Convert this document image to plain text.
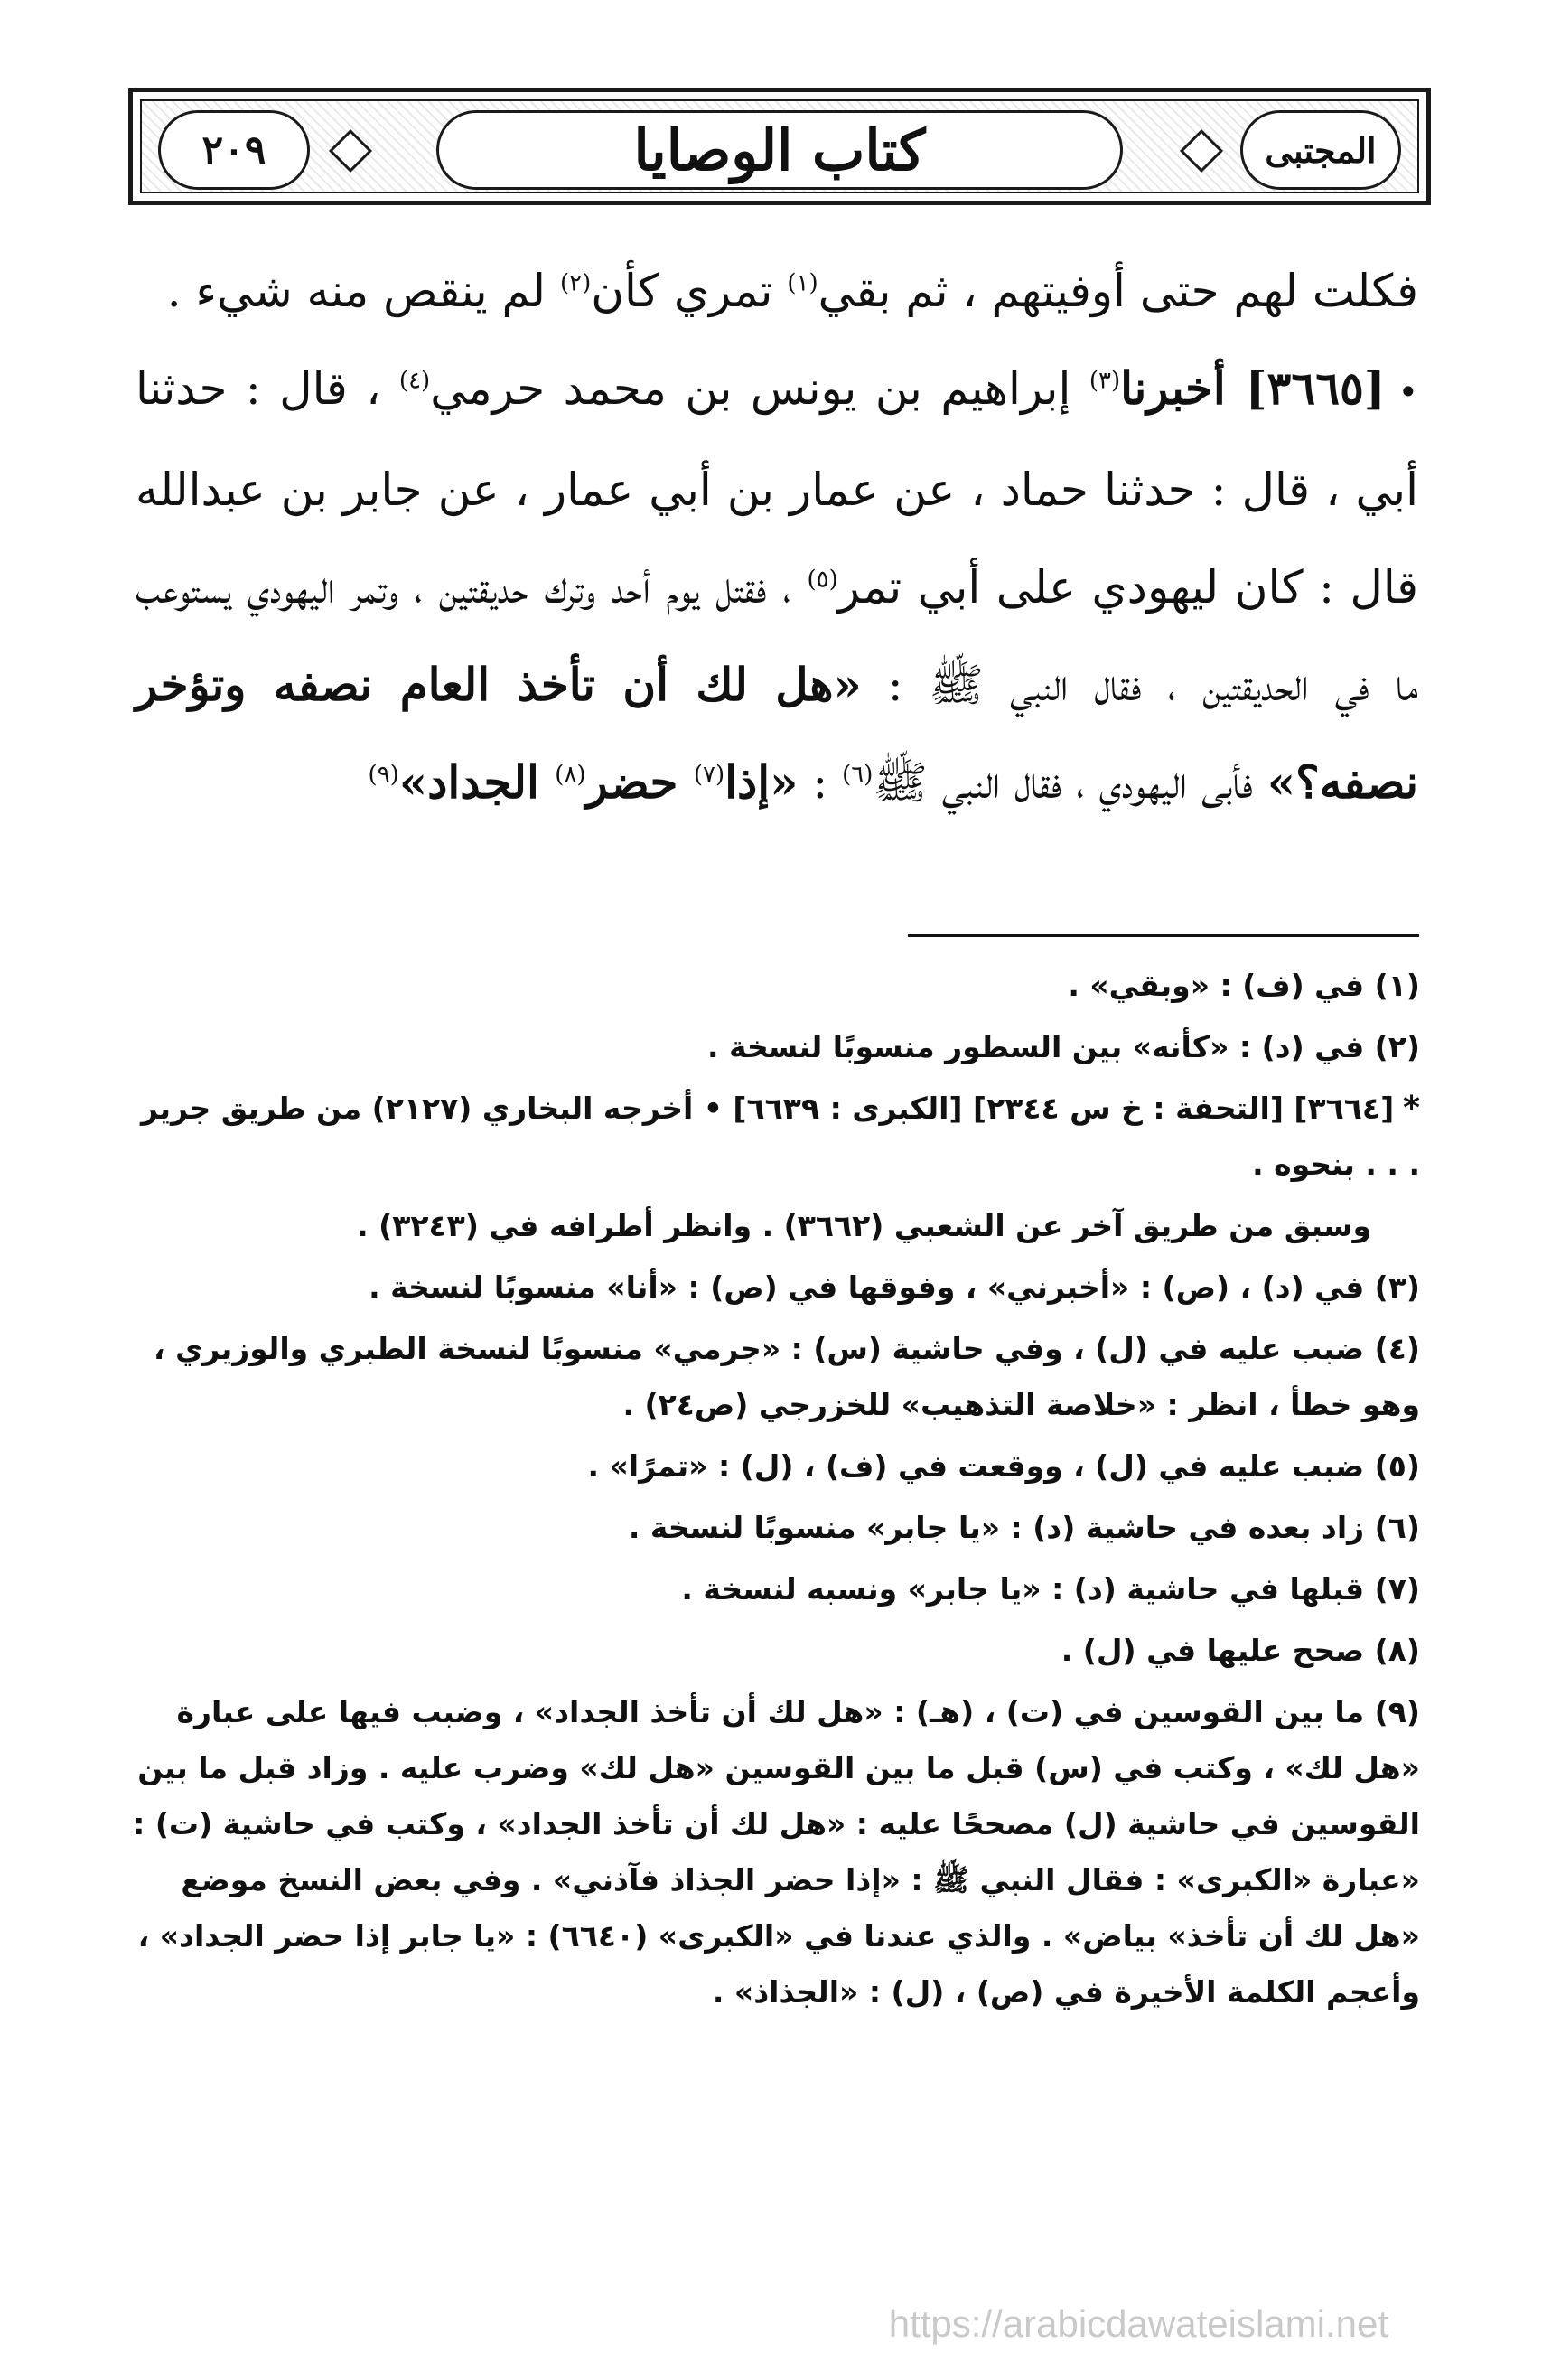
المجتبى
كتاب الوصايا
٢٠٩

فكلت لهم حتى أوفيتهم ، ثم بقي$^{(١)}$ تمري كأن$^{(٢)}$ لم ينقص منه شيء .

•[٣٦٦٥] أخبرنا$^{(٣)}$ إبراهيم بن يونس بن محمد حرمي$^{(٤)}$ ، قال : حدثنا أبي ، قال : حدثنا حماد ، عن عمار بن أبي عمار ، عن جابر بن عبدالله قال : كان ليهودي على أبي تمر$^{(٥)}$ ، فقتل يوم أحد وترك حديقتين ، وتمر اليهودي يستوعب ما في الحديقتين ، فقال النبي ﷺ : «هل لك أن تأخذ العام نصفه وتؤخر نصفه؟» فأبى اليهودي ، فقال النبي ﷺ$^{(٦)}$ : «إذا$^{(٧)}$ حضر$^{(٨)}$ الجداد»$^{(٩)}$

(١) في (ف) : «وبقي» .

(٢) في (د) : «كأنه» بين السطور منسوبًا لنسخة .

*[٣٦٦٤] [التحفة : خ س ٢٣٤٤] [الكبرى : ٦٦٣٩] • أخرجه البخاري (٢١٢٧) من طريق جرير . . . بنحوه .

وسبق من طريق آخر عن الشعبي (٣٦٦٢) . وانظر أطرافه في (٣٢٤٣) .

(٣) في (د) ، (ص) : «أخبرني» ، وفوقها في (ص) : «أنا» منسوبًا لنسخة .

(٤) ضبب عليه في (ل) ، وفي حاشية (س) : «جرمي» منسوبًا لنسخة الطبري والوزيري ، وهو خطأ ، انظر : «خلاصة التذهيب» للخزرجي (ص٢٤) .

(٥) ضبب عليه في (ل) ، ووقعت في (ف) ، (ل) : «تمرًا» .

(٦) زاد بعده في حاشية (د) : «يا جابر» منسوبًا لنسخة .

(٧) قبلها في حاشية (د) : «يا جابر» ونسبه لنسخة .

(٨) صحح عليها في (ل) .

(٩) ما بين القوسين في (ت) ، (هـ) : «هل لك أن تأخذ الجداد» ، وضبب فيها على عبارة «هل لك» ، وكتب في (س) قبل ما بين القوسين «هل لك» وضرب عليه . وزاد قبل ما بين القوسين في حاشية (ل) مصححًا عليه : «هل لك أن تأخذ الجداد» ، وكتب في حاشية (ت) : «عبارة «الكبرى» : فقال النبي ﷺ : «إذا حضر الجذاذ فآذني» . وفي بعض النسخ موضع «هل لك أن تأخذ» بياض» . والذي عندنا في «الكبرى» (٦٦٤٠) : «يا جابر إذا حضر الجداد» ، وأعجم الكلمة الأخيرة في (ص) ، (ل) : «الجذاذ» .

https://arabicdawateislami.net
